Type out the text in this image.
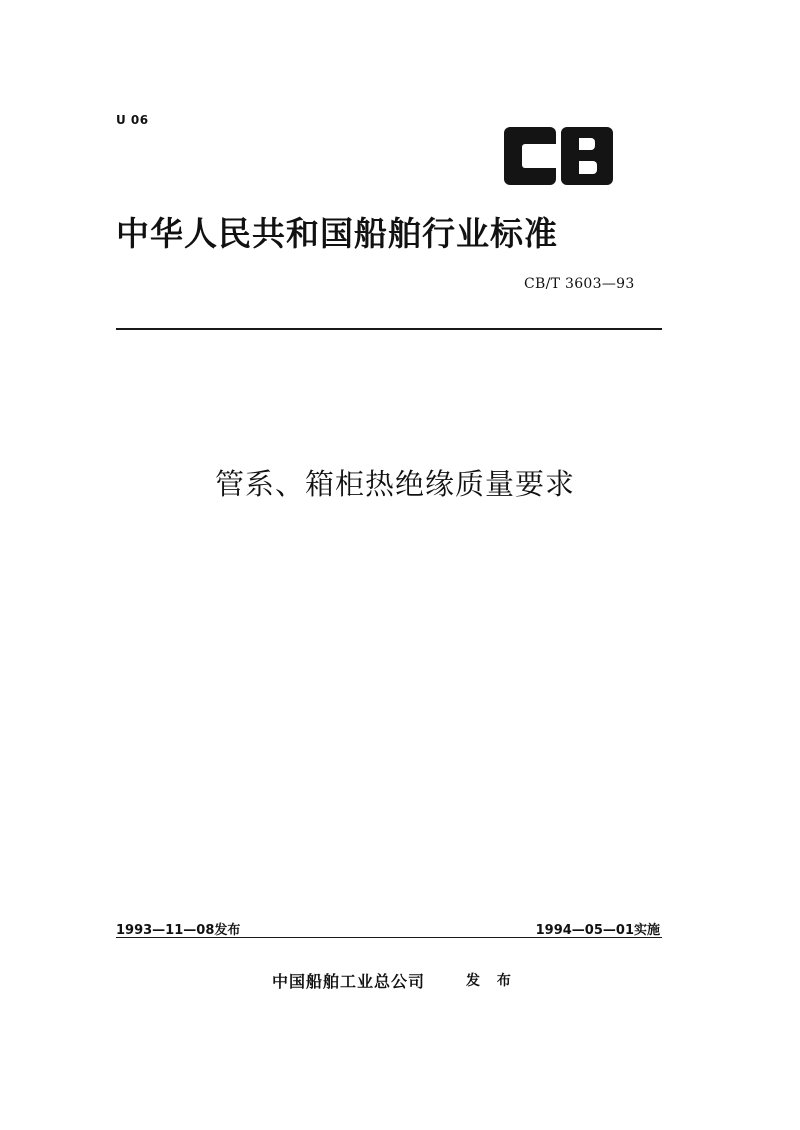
U 06
中华人民共和国船舶行业标准
CB/T 3603—93
管系、箱柜热绝缘质量要求
1993—11—08发布	1994—05—01实施
中国船舶工业总公司	发 布
